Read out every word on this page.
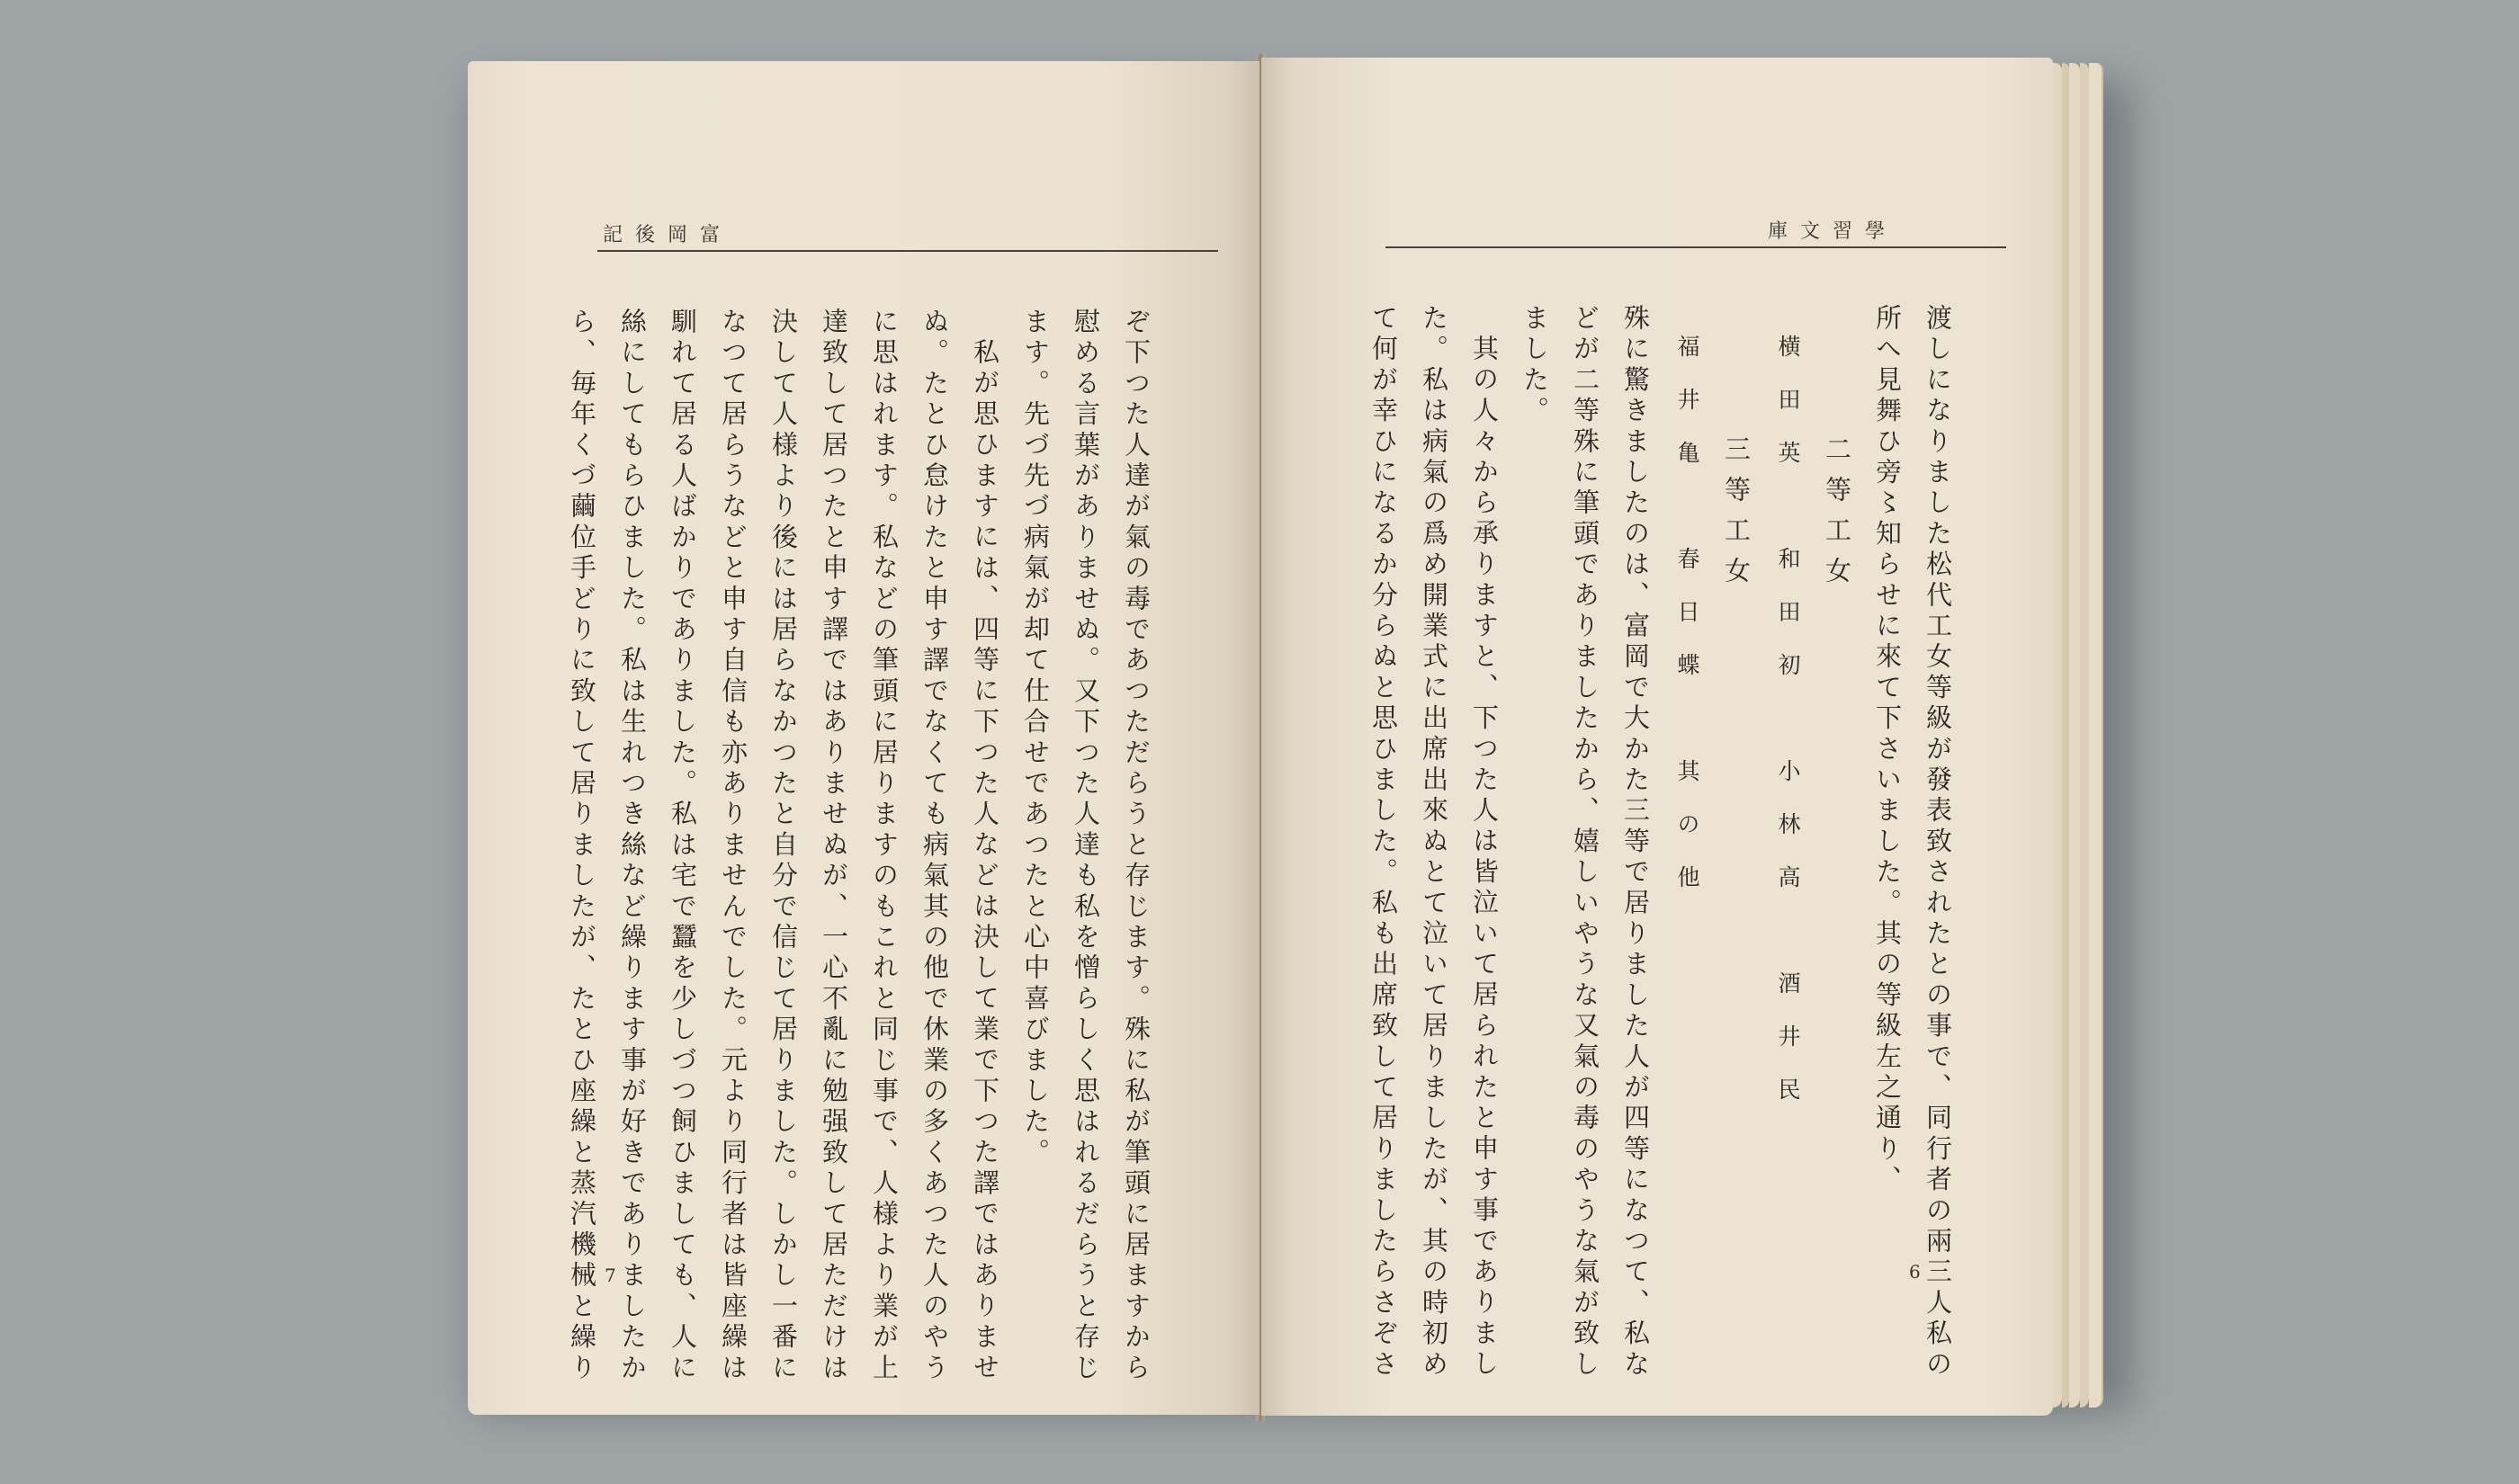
記後岡富
ぞ下つた人達が氣の毒であつただらうと存じます。殊に私が筆頭に居ますから
慰める言葉がありませぬ。又下つた人達も私を憎らしく思はれるだらうと存じ
ます。先づ先づ病氣が却て仕合せであつたと心中喜びました。
私が思ひますには、四等に下つた人などは決して業で下つた譯ではありませ
ぬ。たとひ怠けたと申す譯でなくても病氣其の他で休業の多くあつた人のやう
に思はれます。私などの筆頭に居りますのもこれと同じ事で、人様より業が上
達致して居つたと申す譯ではありませぬが、一心不亂に勉强致して居ただけは
決して人様より後には居らなかつたと自分で信じて居りました。しかし一番に
なつて居らうなどと申す自信も亦ありませんでした。元より同行者は皆座繰は
馴れて居る人ばかりでありました。私は宅で蠶を少しづつ飼ひましても、人に
絲にしてもらひました。私は生れつき絲など繰ります事が好きでありましたか
ら、毎年くづ繭位手どりに致して居りましたが、たとひ座繰と蒸汽機械と繰り 7
庫文習學
渡しになりました松代工女等級が發表致されたとの事で、同行者の兩三人私の
所へ見舞ひ旁〻知らせに來て下さいました。其の等級左之通り、
二等工女
横田英　和田初　小林高　酒井民
三等工女
福井亀　春日蝶　其の他
殊に驚きましたのは、富岡で大かた三等で居りました人が四等になつて、私な
どが二等殊に筆頭でありましたから、嬉しいやうな又氣の毒のやうな氣が致し
ました。
其の人々から承りますと、下つた人は皆泣いて居られたと申す事でありまし
た。私は病氣の爲め開業式に出席出來ぬとて泣いて居りましたが、其の時初め
て何が幸ひになるか分らぬと思ひました。私も出席致して居りましたらさぞさ	6
